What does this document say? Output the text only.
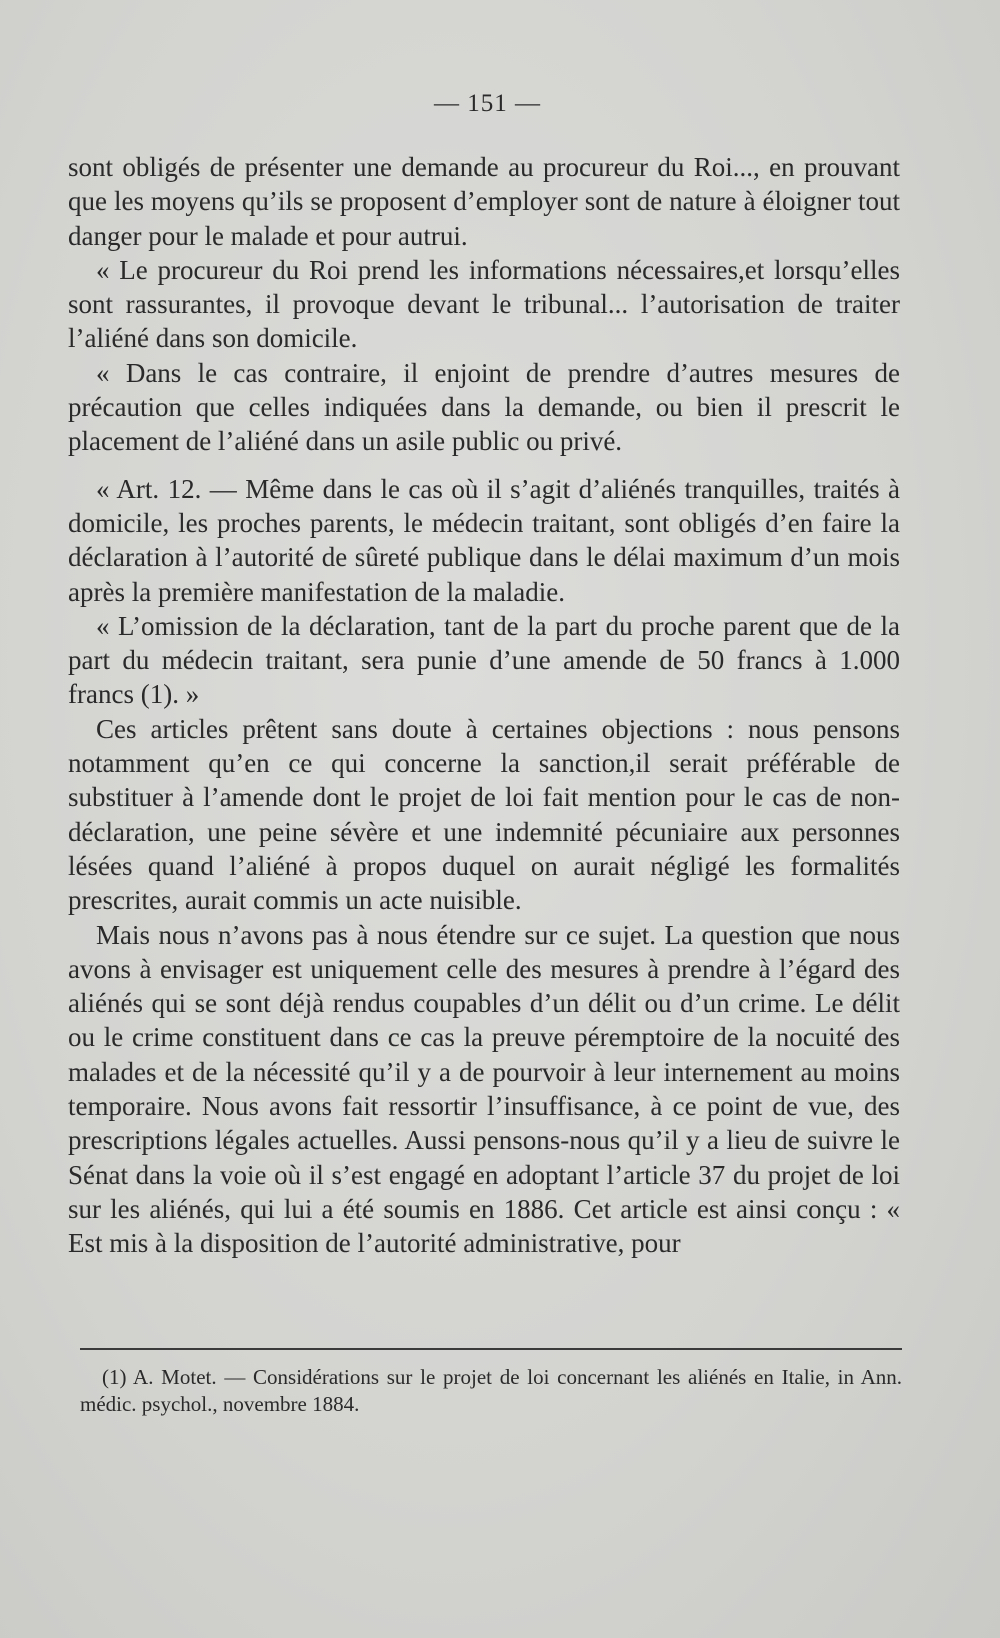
— 151 —

sont obligés de présenter une demande au procureur du Roi..., en prouvant que les moyens qu’ils se proposent d’employer sont de nature à éloigner tout danger pour le malade et pour autrui.

« Le procureur du Roi prend les informations nécessaires,et lorsqu’elles sont rassurantes, il provoque devant le tribunal... l’autorisation de traiter l’aliéné dans son domicile.

« Dans le cas contraire, il enjoint de prendre d’autres mesures de précaution que celles indiquées dans la demande, ou bien il prescrit le placement de l’aliéné dans un asile public ou privé.

« Art. 12. — Même dans le cas où il s’agit d’aliénés tranquilles, traités à domicile, les proches parents, le médecin traitant, sont obligés d’en faire la déclaration à l’autorité de sûreté publique dans le délai maximum d’un mois après la première manifestation de la maladie.

« L’omission de la déclaration, tant de la part du proche parent que de la part du médecin traitant, sera punie d’une amende de 50 francs à 1.000 francs (1). »

Ces articles prêtent sans doute à certaines objections : nous pensons notamment qu’en ce qui concerne la sanction,il serait préférable de substituer à l’amende dont le projet de loi fait mention pour le cas de non-déclaration, une peine sévère et une indemnité pécuniaire aux personnes lésées quand l’aliéné à propos duquel on aurait négligé les formalités prescrites, aurait commis un acte nuisible.

Mais nous n’avons pas à nous étendre sur ce sujet. La question que nous avons à envisager est uniquement celle des mesures à prendre à l’égard des aliénés qui se sont déjà rendus coupables d’un délit ou d’un crime. Le délit ou le crime constituent dans ce cas la preuve péremptoire de la nocuité des malades et de la nécessité qu’il y a de pourvoir à leur internement au moins temporaire. Nous avons fait ressortir l’insuffisance, à ce point de vue, des prescriptions légales actuelles. Aussi pensons-nous qu’il y a lieu de suivre le Sénat dans la voie où il s’est engagé en adoptant l’article 37 du projet de loi sur les aliénés, qui lui a été soumis en 1886. Cet article est ainsi conçu : « Est mis à la disposition de l’autorité administrative, pour

(1) A. Motet. — Considérations sur le projet de loi concernant les aliénés en Italie, in Ann. médic. psychol., novembre 1884.
